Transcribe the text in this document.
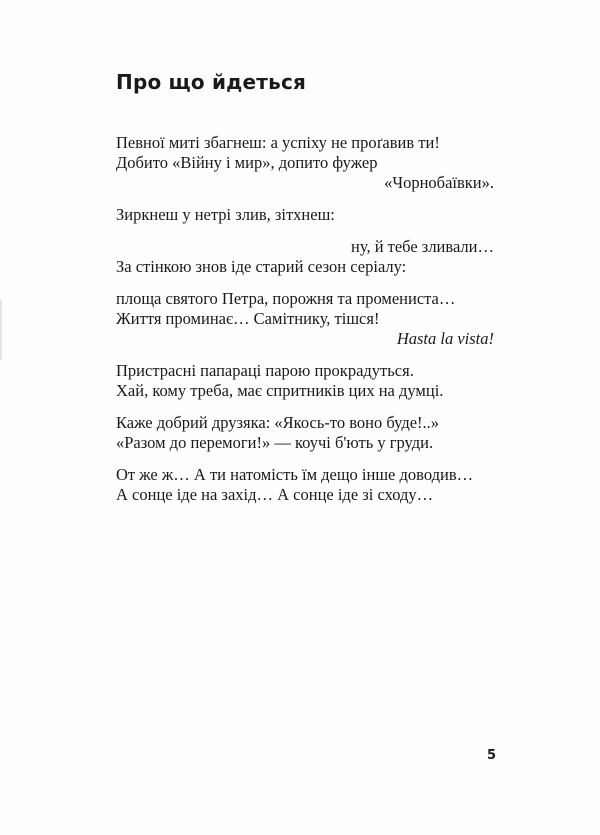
Про що йдеться
Певної миті збагнеш: а успіху не проґавив ти!
Добито «Війну і мир», допито фужер
«Чорнобаївки».
Зиркнеш у нетрі злив, зітхнеш:
ну, й тебе зливали…
За стінкою знов іде старий сезон серіалу:
площа святого Петра, порожня та промениста…
Життя проминає… Самітнику, тішся!
Hasta la vista!
Пристрасні папараці парою прокрадуться.
Хай, кому треба, має спритників цих на думці.
Каже добрий друзяка: «Якось-то воно буде!..»
«Разом до перемоги!» — коучі б'ють у груди.
От же ж… А ти натомість їм дещо інше доводив…
А сонце іде на захід… А сонце іде зі сходу…
5
